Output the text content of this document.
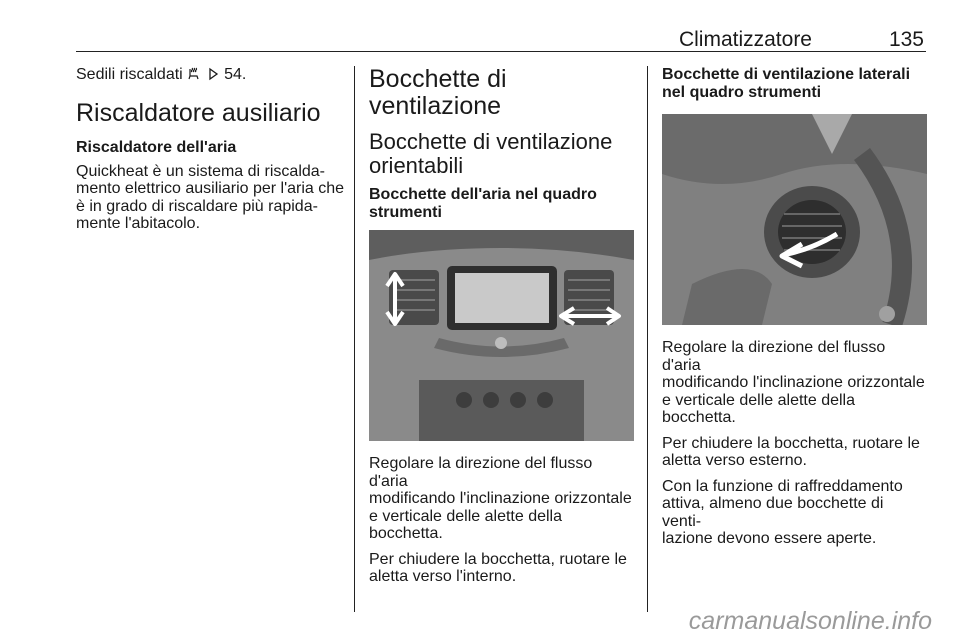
Climatizzatore	135

Sedili riscaldati
	54.

Riscaldatore ausiliario
Riscaldatore dell'aria

Quickheat è un sistema di riscalda-

mento elettrico ausiliario per l'aria che

è in grado di riscaldare più rapida-

mente l'abitacolo.

Bocchette di
ventilazione
Bocchette di ventilazione
orientabili
Bocchette dell'aria nel quadro
strumenti

Regolare la direzione del flusso d'aria

modificando l'inclinazione orizzontale

e verticale delle alette della

bocchetta.

Per chiudere la bocchetta, ruotare le

aletta verso l'interno.

Bocchette di ventilazione laterali
nel quadro strumenti

Regolare la direzione del flusso d'aria

modificando l'inclinazione orizzontale

e verticale delle alette della

bocchetta.

Per chiudere la bocchetta, ruotare le

aletta verso esterno.

Con la funzione di raffreddamento

attiva, almeno due bocchette di venti-

lazione devono essere aperte.

carmanualsonline.info
